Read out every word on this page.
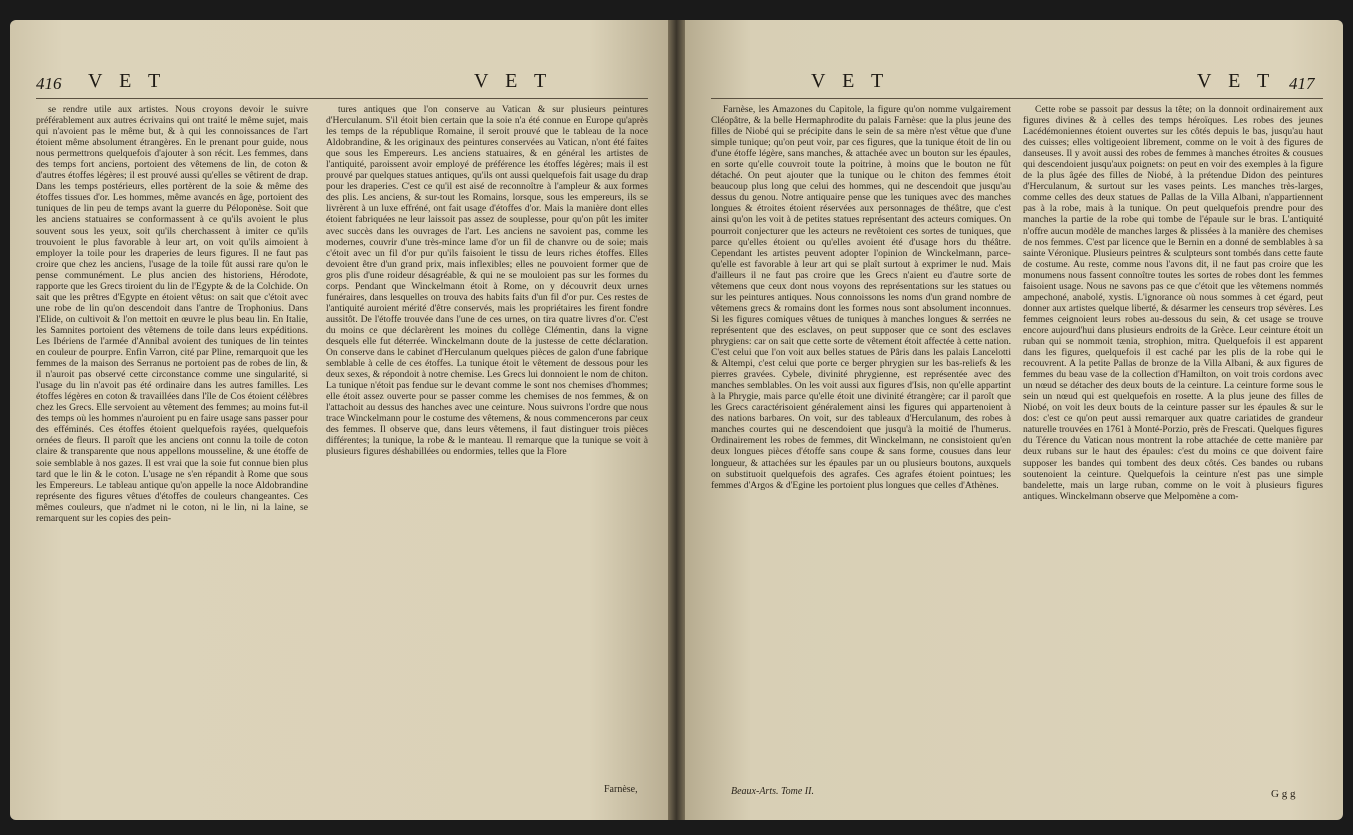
416 V E T	V E T

se rendre utile aux artistes. Nous croyons devoir le suivre préférablement aux autres écrivains qui ont traité le même sujet, mais qui n'avoient pas le même but, & à qui les connoissances de l'art étoient même absolument étrangères. En le prenant pour guide, nous nous permettrons quelquefois d'ajouter à son récit. Les femmes, dans des temps fort anciens, portoient des vêtemens de lin, de coton & d'autres étoffes légères; il est prouvé aussi qu'elles se vêtirent de drap. Dans les temps postérieurs, elles portèrent de la soie & même des étoffes tissues d'or. Les hommes, même avancés en âge, portoient des tuniques de lin peu de temps avant la guerre du Péloponèse. Soit que les anciens statuaires se conformassent à ce qu'ils avoient le plus souvent sous les yeux, soit qu'ils cherchassent à imiter ce qu'ils trouvoient le plus favorable à leur art, on voit qu'ils aimoient à employer la toile pour les draperies de leurs figures. Il ne faut pas croire que chez les anciens, l'usage de la toile fût aussi rare qu'on le pense communément. Le plus ancien des historiens, Hérodote, rapporte que les Grecs tiroient du lin de l'Egypte & de la Colchide. On sait que les prêtres d'Egypte en étoient vêtus: on sait que c'étoit avec une robe de lin qu'on descendoit dans l'antre de Trophonius. Dans l'Elide, on cultivoit & l'on mettoit en œuvre le plus beau lin. En Italie, les Samnites portoient des vêtemens de toile dans leurs expéditions. Les Ibériens de l'armée d'Annibal avoient des tuniques de lin teintes en couleur de pourpre. Enfin Varron, cité par Pline, remarquoit que les femmes de la maison des Serranus ne portoient pas de robes de lin, & il n'auroit pas observé cette circonstance comme une singularité, si l'usage du lin n'avoit pas été ordinaire dans les autres familles. Les étoffes légères en coton & travaillées dans l'île de Cos étoient célèbres chez les Grecs. Elle servoient au vêtement des femmes; au moins fut-il des temps où les hommes n'auroient pu en faire usage sans passer pour des efféminés. Ces étoffes étoient quelquefois rayées, quelquefois ornées de fleurs. Il paroît que les anciens ont connu la toile de coton claire & transparente que nous appellons mousseline, & une étoffe de soie semblable à nos gazes. Il est vrai que la soie fut connue bien plus tard que le lin & le coton. L'usage ne s'en répandit à Rome que sous les Empereurs. Le tableau antique qu'on appelle la noce Aldobrandine représente des figures vêtues d'étoffes de couleurs changeantes. Ces mêmes couleurs, que n'admet ni le coton, ni le lin, ni la laine, se remarquent sur les copies des pein-

tures antiques que l'on conserve au Vatican & sur plusieurs peintures d'Herculanum. S'il étoit bien certain que la soie n'a été connue en Europe qu'après les temps de la république Romaine, il seroit prouvé que le tableau de la noce Aldobrandine, & les originaux des peintures conservées au Vatican, n'ont été faites que sous les Empereurs. Les anciens statuaires, & en général les artistes de l'antiquité, paroissent avoir employé de préférence les étoffes légères; mais il est prouvé par quelques statues antiques, qu'ils ont aussi quelquefois fait usage du drap pour les draperies. C'est ce qu'il est aisé de reconnoître à l'ampleur & aux formes des plis. Les anciens, & sur-tout les Romains, lorsque, sous les empereurs, ils se livrèrent à un luxe effréné, ont fait usage d'étoffes d'or. Mais la manière dont elles étoient fabriquées ne leur laissoit pas assez de souplesse, pour qu'on pût les imiter avec succès dans les ouvrages de l'art. Les anciens ne savoient pas, comme les modernes, couvrir d'une très-mince lame d'or un fil de chanvre ou de soie; mais c'étoit avec un fil d'or pur qu'ils faisoient le tissu de leurs riches étoffes. Elles devoient être d'un grand prix, mais inflexibles; elles ne pouvoient former que de gros plis d'une roideur désagréable, & qui ne se mouloient pas sur les formes du corps. Pendant que Winckelmann étoit à Rome, on y découvrit deux urnes funéraires, dans lesquelles on trouva des habits faits d'un fil d'or pur. Ces restes de l'antiquité auroient mérité d'être conservés, mais les propriétaires les firent fondre aussitôt. De l'étoffe trouvée dans l'une de ces urnes, on tira quatre livres d'or. C'est du moins ce que déclarèrent les moines du collège Clémentin, dans la vigne desquels elle fut déterrée. Winckelmann doute de la justesse de cette déclaration. On conserve dans le cabinet d'Herculanum quelques pièces de galon d'une fabrique semblable à celle de ces étoffes. La tunique étoit le vêtement de dessous pour les deux sexes, & répondoit à notre chemise. Les Grecs lui donnoient le nom de chiton. La tunique n'étoit pas fendue sur le devant comme le sont nos chemises d'hommes; elle étoit assez ouverte pour se passer comme les chemises de nos femmes, & on l'attachoit au dessus des hanches avec une ceinture. Nous suivrons l'ordre que nous trace Winckelmann pour le costume des vêtemens, & nous commencerons par ceux des femmes. Il observe que, dans leurs vêtemens, il faut distinguer trois pièces différentes; la tunique, la robe & le manteau. Il remarque que la tunique se voit à plusieurs figures déshabillées ou endormies, telles que la Flore

Farnèse,
V E T	V E T 417

Farnèse, les Amazones du Capitole, la figure qu'on nomme vulgairement Cléopâtre, & la belle Hermaphrodite du palais Farnèse: que la plus jeune des filles de Niobé qui se précipite dans le sein de sa mère n'est vêtue que d'une simple tunique; qu'on peut voir, par ces figures, que la tunique étoit de lin ou d'une étoffe légère, sans manches, & attachée avec un bouton sur les épaules, en sorte qu'elle couvroit toute la poitrine, à moins que le bouton ne fût détaché. On peut ajouter que la tunique ou le chiton des femmes étoit beaucoup plus long que celui des hommes, qui ne descendoit que jusqu'au dessus du genou. Notre antiquaire pense que les tuniques avec des manches longues & étroites étoient réservées aux personnages de théâtre, que c'est ainsi qu'on les voit à de petites statues représentant des acteurs comiques. On pourroit conjecturer que les acteurs ne revêtoient ces sortes de tuniques, que parce qu'elles étoient ou qu'elles avoient été d'usage hors du théâtre. Cependant les artistes peuvent adopter l'opinion de Winckelmann, parce-qu'elle est favorable à leur art qui se plaît surtout à exprimer le nud. Mais d'ailleurs il ne faut pas croire que les Grecs n'aient eu d'autre sorte de vêtemens que ceux dont nous voyons des représentations sur les statues ou sur les peintures antiques. Nous connoissons les noms d'un grand nombre de vêtemens grecs & romains dont les formes nous sont absolument inconnues. Si les figures comiques vêtues de tuniques à manches longues & serrées ne représentent que des esclaves, on peut supposer que ce sont des esclaves phrygiens: car on sait que cette sorte de vêtement étoit affectée à cette nation. C'est celui que l'on voit aux belles statues de Pâris dans les palais Lancelotti & Altempi, c'est celui que porte ce berger phrygien sur les bas-reliefs & les pierres gravées. Cybele, divinité phrygienne, est représentée avec des manches semblables. On les voit aussi aux figures d'Isis, non qu'elle appartint à la Phrygie, mais parce qu'elle étoit une divinité étrangère; car il paroît que les Grecs caractérisoient généralement ainsi les figures qui appartenoient à des nations barbares. On voit, sur des tableaux d'Herculanum, des robes à manches courtes qui ne descendoient que jusqu'à la moitié de l'humerus. Ordinairement les robes de femmes, dit Winckelmann, ne consistoient qu'en deux longues pièces d'étoffe sans coupe & sans forme, cousues dans leur longueur, & attachées sur les épaules par un ou plusieurs boutons, auxquels on substituoit quelquefois des agrafes. Ces agrafes étoient pointues; les femmes d'Argos & d'Egine les portoient plus longues que celles d'Athènes.

Cette robe se passoit par dessus la tête; on la donnoit ordinairement aux figures divines & à celles des temps héroïques. Les robes des jeunes Lacédémoniennes étoient ouvertes sur les côtés depuis le bas, jusqu'au haut des cuisses; elles voltigeoient librement, comme on le voit à des figures de danseuses. Il y avoit aussi des robes de femmes à manches étroites & cousues qui descendoient jusqu'aux poignets: on peut en voir des exemples à la figure de la plus âgée des filles de Niobé, à la prétendue Didon des peintures d'Herculanum, & surtout sur les vases peints. Les manches très-larges, comme celles des deux statues de Pallas de la Villa Albani, n'appartiennent pas à la robe, mais à la tunique. On peut quelquefois prendre pour des manches la partie de la robe qui tombe de l'épaule sur le bras. L'antiquité n'offre aucun modèle de manches larges & plissées à la manière des chemises de nos femmes. C'est par licence que le Bernin en a donné de semblables à sa sainte Véronique. Plusieurs peintres & sculpteurs sont tombés dans cette faute de costume. Au reste, comme nous l'avons dit, il ne faut pas croire que les monumens nous fassent connoître toutes les sortes de robes dont les femmes faisoient usage. Nous ne savons pas ce que c'étoit que les vêtemens nommés ampechoné, anabolé, xystis. L'ignorance où nous sommes à cet égard, peut donner aux artistes quelque liberté, & désarmer les censeurs trop sévères. Les femmes ceignoient leurs robes au-dessous du sein, & cet usage se trouve encore aujourd'hui dans plusieurs endroits de la Grèce. Leur ceinture étoit un ruban qui se nommoit tænia, strophion, mitra. Quelquefois il est apparent dans les figures, quelquefois il est caché par les plis de la robe qui le recouvrent. A la petite Pallas de bronze de la Villa Albani, & aux figures de femmes du beau vase de la collection d'Hamilton, on voit trois cordons avec un nœud se détacher des deux bouts de la ceinture. La ceinture forme sous le sein un nœud qui est quelquefois en rosette. A la plus jeune des filles de Niobé, on voit les deux bouts de la ceinture passer sur les épaules & sur le dos: c'est ce qu'on peut aussi remarquer aux quatre cariatides de grandeur naturelle trouvées en 1761 à Monté-Porzio, près de Frescati. Quelques figures du Térence du Vatican nous montrent la robe attachée de cette manière par deux rubans sur le haut des épaules: c'est du moins ce que doivent faire supposer les bandes qui tombent des deux côtés. Ces bandes ou rubans soutenoient la ceinture. Quelquefois la ceinture n'est pas une simple bandelette, mais un large ruban, comme on le voit à plusieurs figures antiques. Winckelmann observe que Melpomène a com-

Beaux-Arts. Tome II.	G g g
